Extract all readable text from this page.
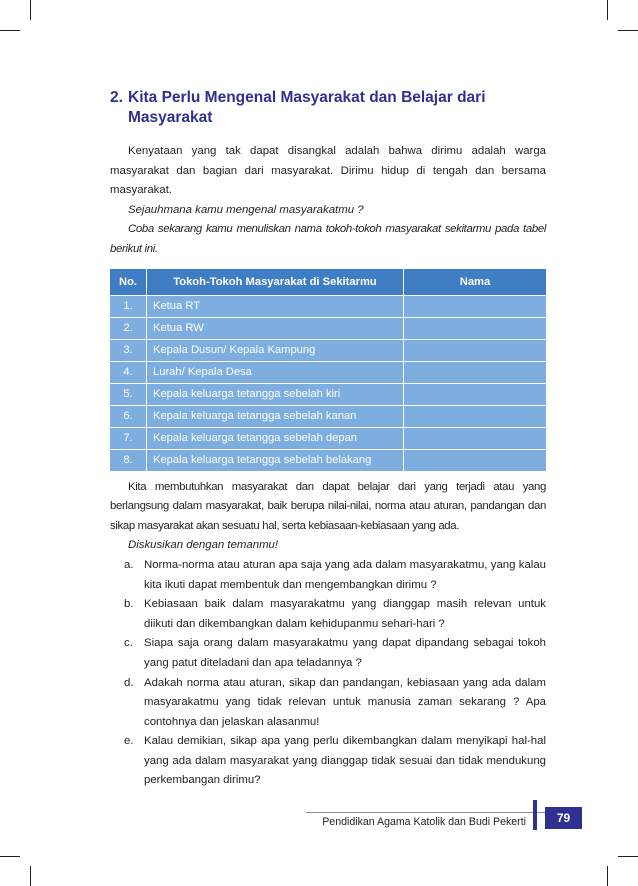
2. Kita Perlu Mengenal Masyarakat dan Belajar dari Masyarakat

Kenyataan yang tak dapat disangkal adalah bahwa dirimu adalah warga masyarakat dan bagian dari masyarakat. Dirimu hidup di tengah dan bersama masyarakat.

Sejauhmana kamu mengenal masyarakatmu ?

Coba sekarang kamu menuliskan nama tokoh-tokoh masyarakat sekitarmu pada tabel berikut ini.

No.	Tokoh-Tokoh Masyarakat di Sekitarmu	Nama
1.	Ketua RT	
2.	Ketua RW	
3.	Kepala Dusun/ Kepala Kampung	
4.	Lurah/ Kepala Desa	
5.	Kepala keluarga tetangga sebelah kiri	
6.	Kepala keluarga tetangga sebelah kanan	
7.	Kepala keluarga tetangga sebelah depan	
8.	Kepala keluarga tetangga sebelah belakang	

Kita membutuhkan masyarakat dan dapat belajar dari yang terjadi atau yang berlangsung dalam masyarakat, baik berupa nilai-nilai, norma atau aturan, pandangan dan sikap masyarakat akan sesuatu hal, serta kebiasaan-kebiasaan yang ada.

Diskusikan dengan temanmu!

a. Norma-norma atau aturan apa saja yang ada dalam masyarakatmu, yang kalau kita ikuti dapat membentuk dan mengembangkan dirimu ?
b. Kebiasaan baik dalam masyarakatmu yang dianggap masih relevan untuk diikuti dan dikembangkan dalam kehidupanmu sehari-hari ?
c. Siapa saja orang dalam masyarakatmu yang dapat dipandang sebagai tokoh yang patut diteladani dan apa teladannya ?
d. Adakah norma atau aturan, sikap dan pandangan, kebiasaan yang ada dalam masyarakatmu yang tidak relevan untuk manusia zaman sekarang ? Apa contohnya dan jelaskan alasanmu!
e. Kalau demikian, sikap apa yang perlu dikembangkan dalam menyikapi hal-hal yang ada dalam masyarakat yang dianggap tidak sesuai dan tidak mendukung perkembangan dirimu?
Pendidikan Agama Katolik dan Budi Pekerti	79
